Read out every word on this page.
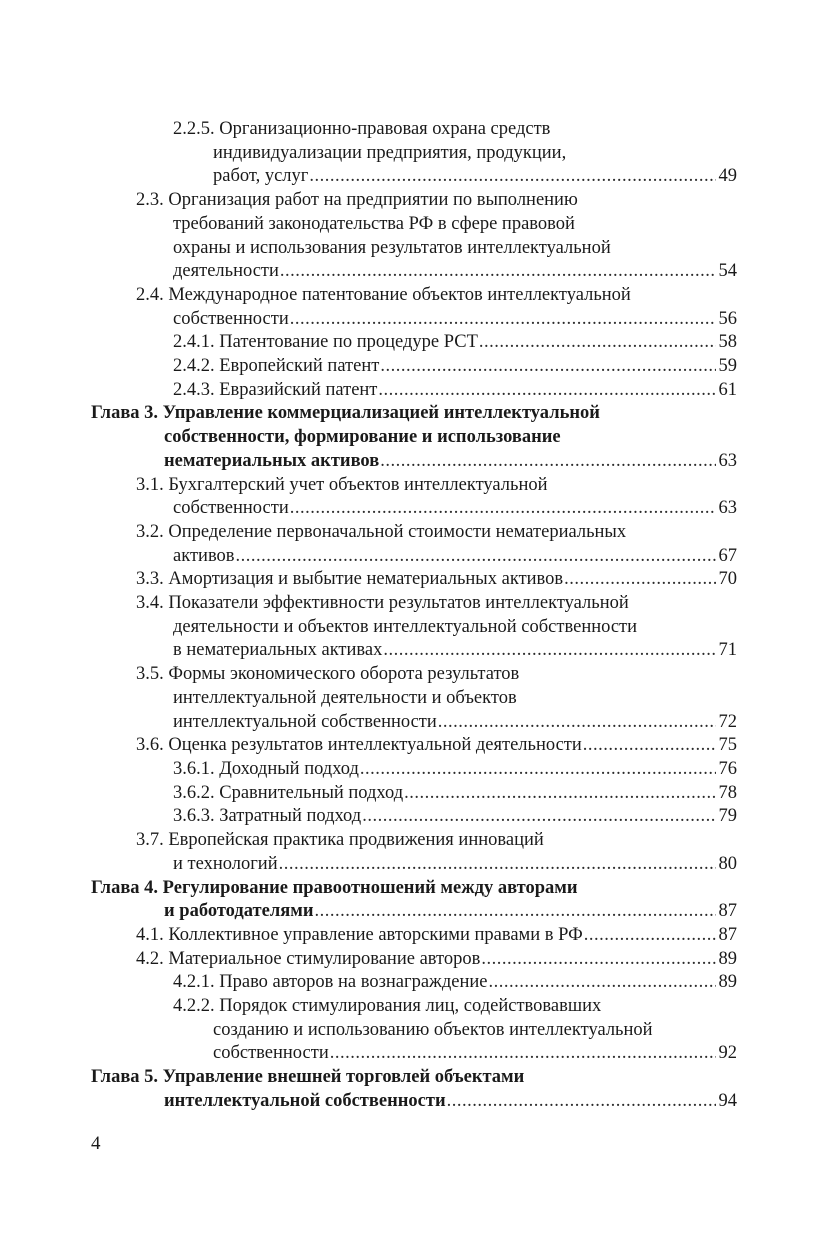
2.2.5. Организационно-правовая охрана средств
индивидуализации предприятия, продукции,
работ, услуг .....	49
2.3. Организация работ на предприятии по выполнению
требований законодательства РФ в сфере правовой
охраны и использования результатов интеллектуальной
деятельности .....	54
2.4. Международное патентование объектов интеллектуальной
собственности .....	56
2.4.1. Патентование по процедуре РСТ .....	58
2.4.2. Европейский патент .....	59
2.4.3. Евразийский патент .....	61
Глава 3. Управление коммерциализацией интеллектуальной
собственности, формирование и использование
нематериальных активов .....	63
3.1. Бухгалтерский учет объектов интеллектуальной
собственности .....	63
3.2. Определение первоначальной стоимости нематериальных
активов .....	67
3.3. Амортизация и выбытие нематериальных активов .....	70
3.4. Показатели эффективности результатов интеллектуальной
деятельности и объектов интеллектуальной собственности
в нематериальных активах .....	71
3.5. Формы экономического оборота результатов
интеллектуальной деятельности и объектов
интеллектуальной собственности .....	72
3.6. Оценка результатов интеллектуальной деятельности .....	75
3.6.1. Доходный подход .....	76
3.6.2. Сравнительный подход .....	78
3.6.3. Затратный подход .....	79
3.7. Европейская практика продвижения инноваций
и технологий .....	80
Глава 4. Регулирование правоотношений между авторами
и работодателями .....	87
4.1. Коллективное управление авторскими правами в РФ .....	87
4.2. Материальное стимулирование авторов .....	89
4.2.1. Право авторов на вознаграждение .....	89
4.2.2. Порядок стимулирования лиц, содействовавших
созданию и использованию объектов интеллектуальной
собственности .....	92
Глава 5. Управление внешней торговлей объектами
интеллектуальной собственности .....	94
4
